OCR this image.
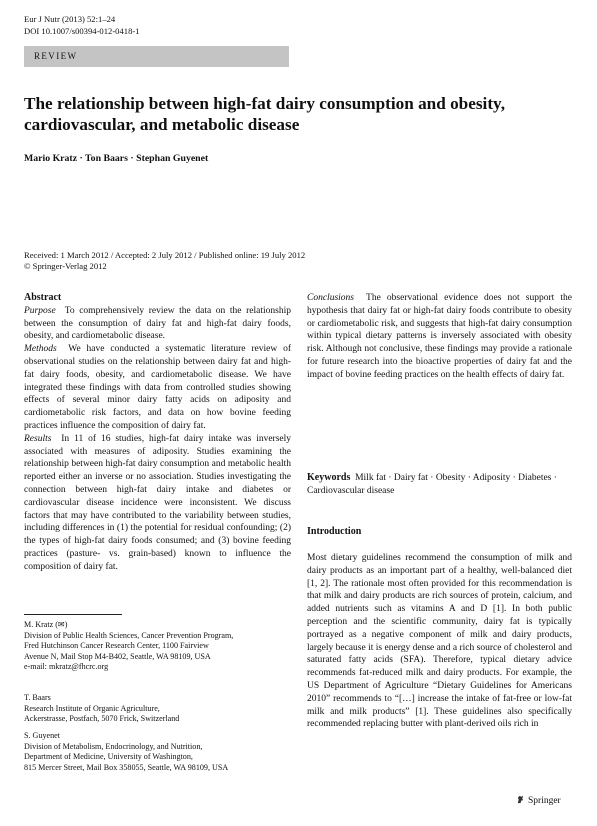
Eur J Nutr (2013) 52:1–24
DOI 10.1007/s00394-012-0418-1
REVIEW
The relationship between high-fat dairy consumption and obesity,
cardiovascular, and metabolic disease
Mario Kratz · Ton Baars · Stephan Guyenet
Received: 1 March 2012 / Accepted: 2 July 2012 / Published online: 19 July 2012
© Springer-Verlag 2012

Abstract

Purpose To comprehensively review the data on the relationship between the consumption of dairy fat and high-fat dairy foods, obesity, and cardiometabolic disease.

Methods We have conducted a systematic literature review of observational studies on the relationship between dairy fat and high-fat dairy foods, obesity, and cardiometabolic disease. We have integrated these findings with data from controlled studies showing effects of several minor dairy fatty acids on adiposity and cardiometabolic risk factors, and data on how bovine feeding practices influence the composition of dairy fat.

Results In 11 of 16 studies, high-fat dairy intake was inversely associated with measures of adiposity. Studies examining the relationship between high-fat dairy consumption and metabolic health reported either an inverse or no association. Studies investigating the connection between high-fat dairy intake and diabetes or cardiovascular disease incidence were inconsistent. We discuss factors that may have contributed to the variability between studies, including differences in (1) the potential for residual confounding; (2) the types of high-fat dairy foods consumed; and (3) bovine feeding practices (pasture- vs. grain-based) known to influence the composition of dairy fat.

Conclusions The observational evidence does not support the hypothesis that dairy fat or high-fat dairy foods contribute to obesity or cardiometabolic risk, and suggests that high-fat dairy consumption within typical dietary patterns is inversely associated with obesity risk. Although not conclusive, these findings may provide a rationale for future research into the bioactive properties of dairy fat and the impact of bovine feeding practices on the health effects of dairy fat.

Keywords Milk fat · Dairy fat · Obesity · Adiposity · Diabetes · Cardiovascular disease
Introduction
Most dietary guidelines recommend the consumption of milk and dairy products as an important part of a healthy, well-balanced diet [1, 2]. The rationale most often provided for this recommendation is that milk and dairy products are rich sources of protein, calcium, and added nutrients such as vitamins A and D [1]. In both public perception and the scientific community, dairy fat is typically portrayed as a negative component of milk and dairy products, largely because it is energy dense and a rich source of cholesterol and saturated fatty acids (SFA). Therefore, typical dietary advice recommends fat-reduced milk and dairy products. For example, the US Department of Agriculture “Dietary Guidelines for Americans 2010” recommends to “[…] increase the intake of fat-free or low-fat milk and milk products” [1]. These guidelines also specifically recommended replacing butter with plant-derived oils rich in
M. Kratz (✉)
Division of Public Health Sciences, Cancer Prevention Program,
Fred Hutchinson Cancer Research Center, 1100 Fairview
Avenue N, Mail Stop M4-B402, Seattle, WA 98109, USA
e-mail: mkratz@fhcrc.org
T. Baars
Research Institute of Organic Agriculture,
Ackerstrasse, Postfach, 5070 Frick, Switzerland
S. Guyenet
Division of Metabolism, Endocrinology, and Nutrition,
Department of Medicine, University of Washington,
815 Mercer Street, Mail Box 358055, Seattle, WA 98109, USA
Springer
